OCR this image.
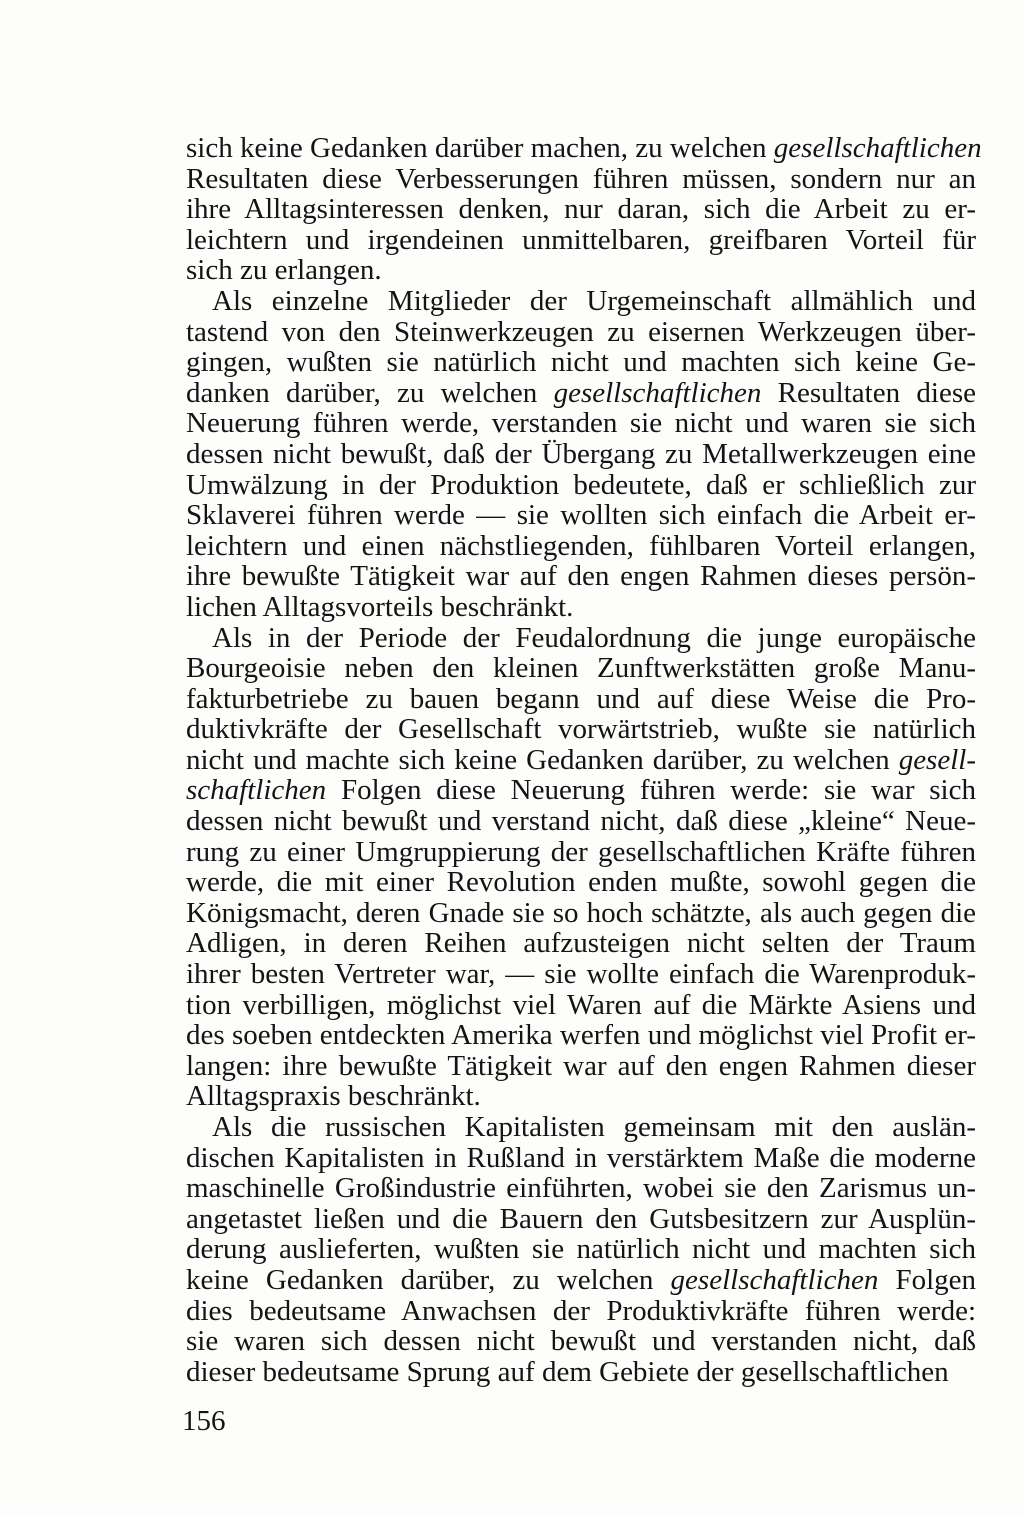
sich keine Gedanken darüber machen, zu welchen gesellschaftlichen
Resultaten diese Verbesserungen führen müssen, sondern nur an
ihre Alltagsinteressen denken, nur daran, sich die Arbeit zu er-
leichtern und irgendeinen unmittelbaren, greifbaren Vorteil für
sich zu erlangen.
Als einzelne Mitglieder der Urgemeinschaft allmählich und
tastend von den Steinwerkzeugen zu eisernen Werkzeugen über-
gingen, wußten sie natürlich nicht und machten sich keine Ge-
danken darüber, zu welchen gesellschaftlichen Resultaten diese
Neuerung führen werde, verstanden sie nicht und waren sie sich
dessen nicht bewußt, daß der Übergang zu Metallwerkzeugen eine
Umwälzung in der Produktion bedeutete, daß er schließlich zur
Sklaverei führen werde — sie wollten sich einfach die Arbeit er-
leichtern und einen nächstliegenden, fühlbaren Vorteil erlangen,
ihre bewußte Tätigkeit war auf den engen Rahmen dieses persön-
lichen Alltagsvorteils beschränkt.
Als in der Periode der Feudalordnung die junge europäische
Bourgeoisie neben den kleinen Zunftwerkstätten große Manu-
fakturbetriebe zu bauen begann und auf diese Weise die Pro-
duktivkräfte der Gesellschaft vorwärtstrieb, wußte sie natürlich
nicht und machte sich keine Gedanken darüber, zu welchen gesell-
schaftlichen Folgen diese Neuerung führen werde: sie war sich
dessen nicht bewußt und verstand nicht, daß diese „kleine“ Neue-
rung zu einer Umgruppierung der gesellschaftlichen Kräfte führen
werde, die mit einer Revolution enden mußte, sowohl gegen die
Königsmacht, deren Gnade sie so hoch schätzte, als auch gegen die
Adligen, in deren Reihen aufzusteigen nicht selten der Traum
ihrer besten Vertreter war, — sie wollte einfach die Warenproduk-
tion verbilligen, möglichst viel Waren auf die Märkte Asiens und
des soeben entdeckten Amerika werfen und möglichst viel Profit er-
langen: ihre bewußte Tätigkeit war auf den engen Rahmen dieser
Alltagspraxis beschränkt.
Als die russischen Kapitalisten gemeinsam mit den auslän-
dischen Kapitalisten in Rußland in verstärktem Maße die moderne
maschinelle Großindustrie einführten, wobei sie den Zarismus un-
angetastet ließen und die Bauern den Gutsbesitzern zur Ausplün-
derung auslieferten, wußten sie natürlich nicht und machten sich
keine Gedanken darüber, zu welchen gesellschaftlichen Folgen
dies bedeutsame Anwachsen der Produktivkräfte führen werde:
sie waren sich dessen nicht bewußt und verstanden nicht, daß
dieser bedeutsame Sprung auf dem Gebiete der gesellschaftlichen
156
